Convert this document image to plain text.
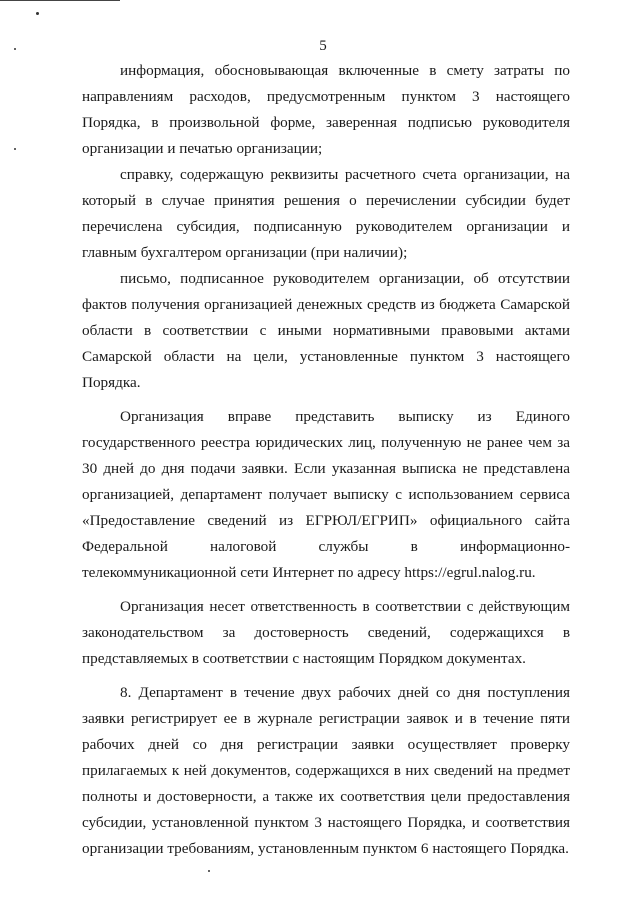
5

информация, обосновывающая включенные в смету затраты по направлениям расходов, предусмотренным пунктом 3 настоящего Порядка, в произвольной форме, заверенная подписью руководителя организации и печатью организации;

справку, содержащую реквизиты расчетного счета организации, на который в случае принятия решения о перечислении субсидии будет перечислена субсидия, подписанную руководителем организации и главным бухгалтером организации (при наличии);

письмо, подписанное руководителем организации, об отсутствии фактов получения организацией денежных средств из бюджета Самарской области в соответствии с иными нормативными правовыми актами Самарской области на цели, установленные пунктом 3 настоящего Порядка.

Организация вправе представить выписку из Единого государственного реестра юридических лиц, полученную не ранее чем за 30 дней до дня подачи заявки. Если указанная выписка не представлена организацией, департамент получает выписку с использованием сервиса «Предоставление сведений из ЕГРЮЛ/ЕГРИП» официального сайта Федеральной налоговой службы в информационно-телекоммуникационной сети Интернет по адресу https://egrul.nalog.ru.

Организация несет ответственность в соответствии с действующим законодательством за достоверность сведений, содержащихся в представляемых в соответствии с настоящим Порядком документах.

8. Департамент в течение двух рабочих дней со дня поступления заявки регистрирует ее в журнале регистрации заявок и в течение пяти рабочих дней со дня регистрации заявки осуществляет проверку прилагаемых к ней документов, содержащихся в них сведений на предмет полноты и достоверности, а также их соответствия цели предоставления субсидии, установленной пунктом 3 настоящего Порядка, и соответствия организации требованиям, установленным пунктом 6 настоящего Порядка.
